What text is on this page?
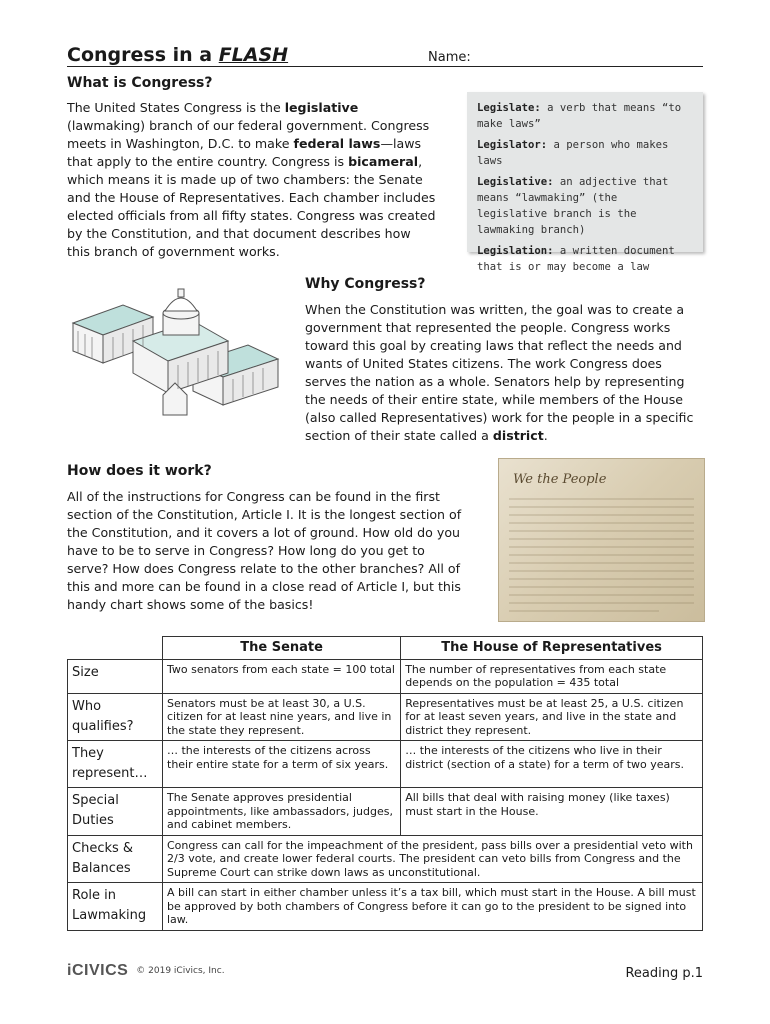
Congress in a FLASH	Name:
What is Congress?
The United States Congress is the legislative (lawmaking) branch of our federal government. Congress meets in Washington, D.C. to make federal laws—laws that apply to the entire country. Congress is bicameral, which means it is made up of two chambers: the Senate and the House of Representatives. Each chamber includes elected officials from all fifty states. Congress was created by the Constitution, and that document describes how this branch of government works.

Legislate: a verb that means “to make laws”

Legislator: a person who makes laws

Legislative: an adjective that means “lawmaking” (the legislative branch is the lawmaking branch)

Legislation: a written document that is or may become a law

Why Congress?
When the Constitution was written, the goal was to create a government that represented the people. Congress works toward this goal by creating laws that reflect the needs and wants of United States citizens. The work Congress does serves the nation as a whole. Senators help by representing the needs of their entire state, while members of the House (also called Representatives) work for the people in a specific section of their state called a district.
How does it work?
All of the instructions for Congress can be found in the first section of the Constitution, Article I. It is the longest section of the Constitution, and it covers a lot of ground. How old do you have to be to serve in Congress? How long do you get to serve? How does Congress relate to the other branches? All of this and more can be found in a close read of Article I, but this handy chart shows some of the basics!
We the People
	The Senate	The House of Representatives
Size	Two senators from each state = 100 total	The number of representatives from each state depends on the population = 435 total
Who qualifies?	Senators must be at least 30, a U.S. citizen for at least nine years, and live in the state they represent.	Representatives must be at least 25, a U.S. citizen for at least seven years, and live in the state and district they represent.
They represent…	… the interests of the citizens across their entire state for a term of six years.	… the interests of the citizens who live in their district (section of a state) for a term of two years.
Special Duties	The Senate approves presidential appointments, like ambassadors, judges, and cabinet members.	All bills that deal with raising money (like taxes) must start in the House.
Checks & Balances	Congress can call for the impeachment of the president, pass bills over a presidential veto with 2/3 vote, and create lower federal courts. The president can veto bills from Congress and the Supreme Court can strike down laws as unconstitutional.	
Role in Lawmaking	A bill can start in either chamber unless it’s a tax bill, which must start in the House. A bill must be approved by both chambers of Congress before it can go to the president to be signed into law.	
iCIVICS © 2019 iCivics, Inc.	Reading p.1
